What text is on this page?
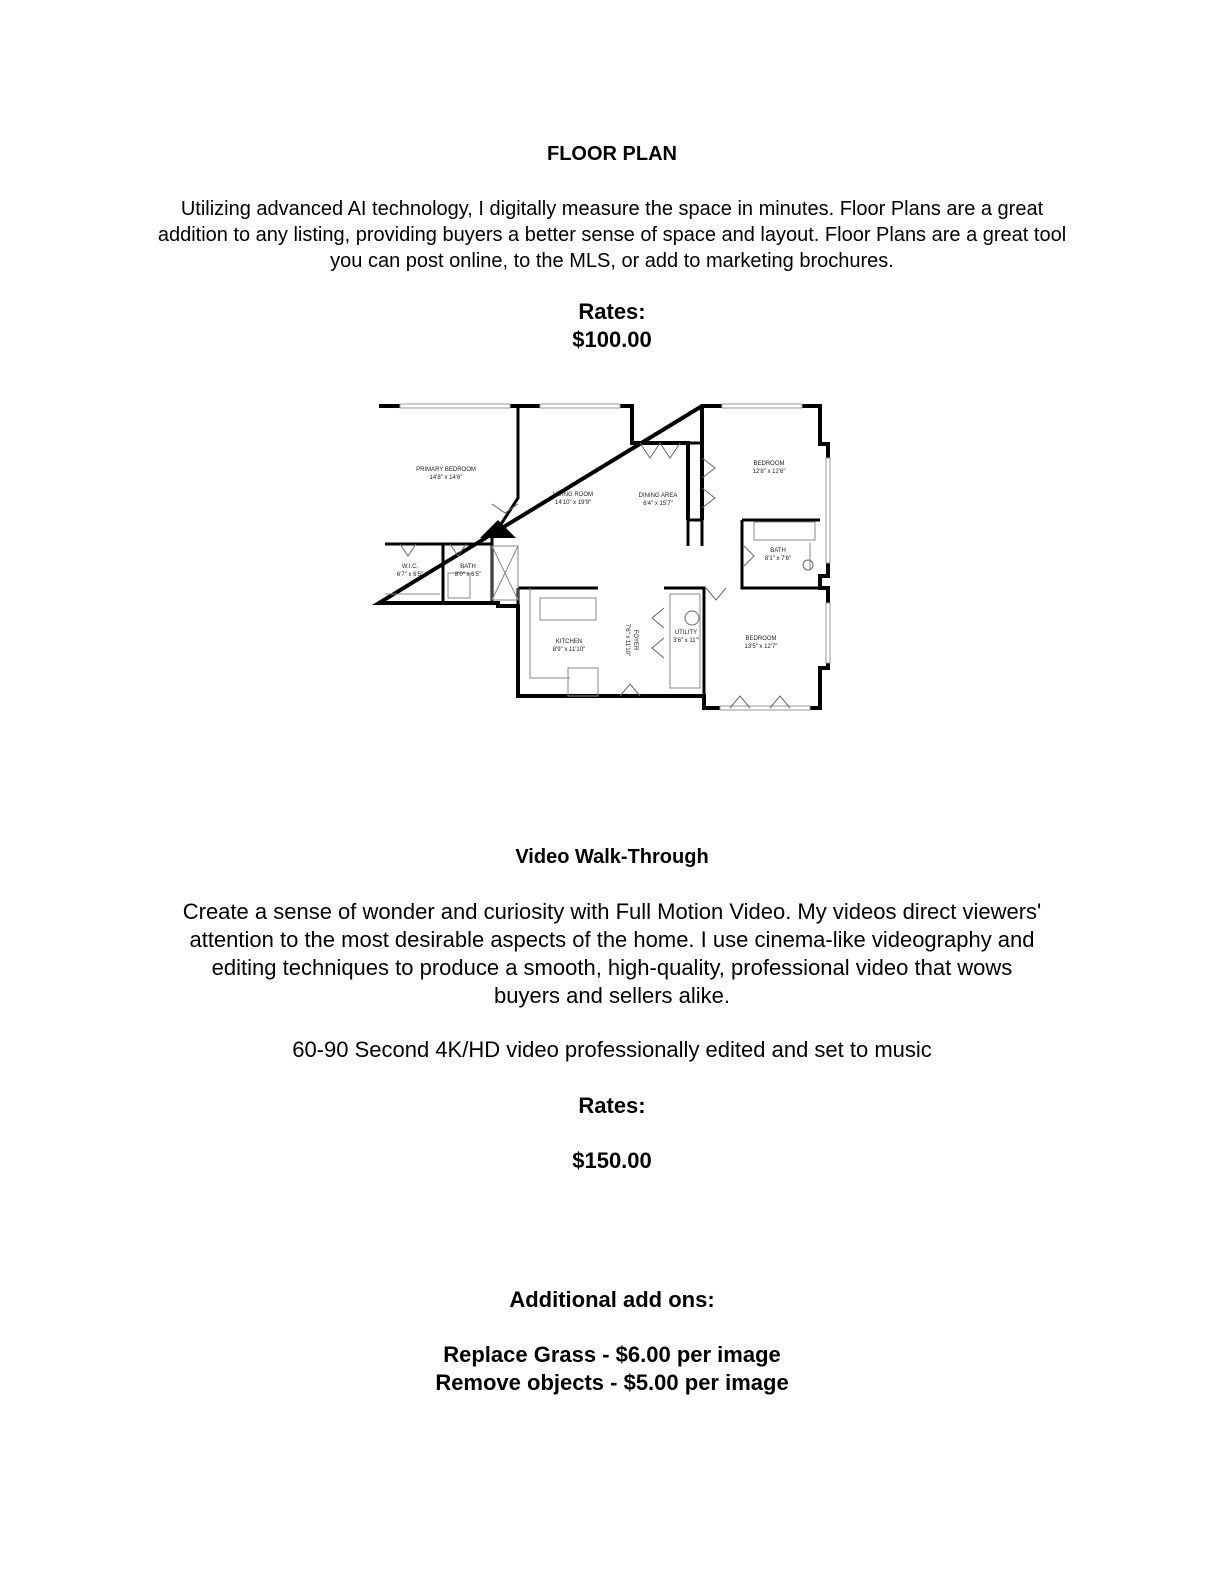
FLOOR PLAN
Utilizing advanced AI technology, I digitally measure the space in minutes. Floor Plans are a great addition to any listing, providing buyers a better sense of space and layout. Floor Plans are a great tool you can post online, to the MLS, or add to marketing brochures.
Rates:
$100.00
PRIMARY BEDROOM
14'8" x 14'6"
LIVING ROOM
14'10" x 19'9"
DINING AREA
6'4" x 15'7"
BEDROOM
12'8" x 12'6"
BATH
8'1" x 7'6"
W.I.C.
6'7" x 6'5"
BATH
8'0" x 6'5"
KITCHEN
8'9" x 11'10"
UTILITY
3'6" x 11'"	BEDROOM
13'5" x 12'7"
FOYER
7'6" x 11'10"
Video Walk-Through
Create a sense of wonder and curiosity with Full Motion Video. My videos direct viewers' attention to the most desirable aspects of the home. I use cinema-like videography and editing techniques to produce a smooth, high-quality, professional video that wows buyers and sellers alike.
60-90 Second 4K/HD video professionally edited and set to music
Rates:
$150.00
Additional add ons:
Replace Grass - $6.00 per image
Remove objects - $5.00 per image
